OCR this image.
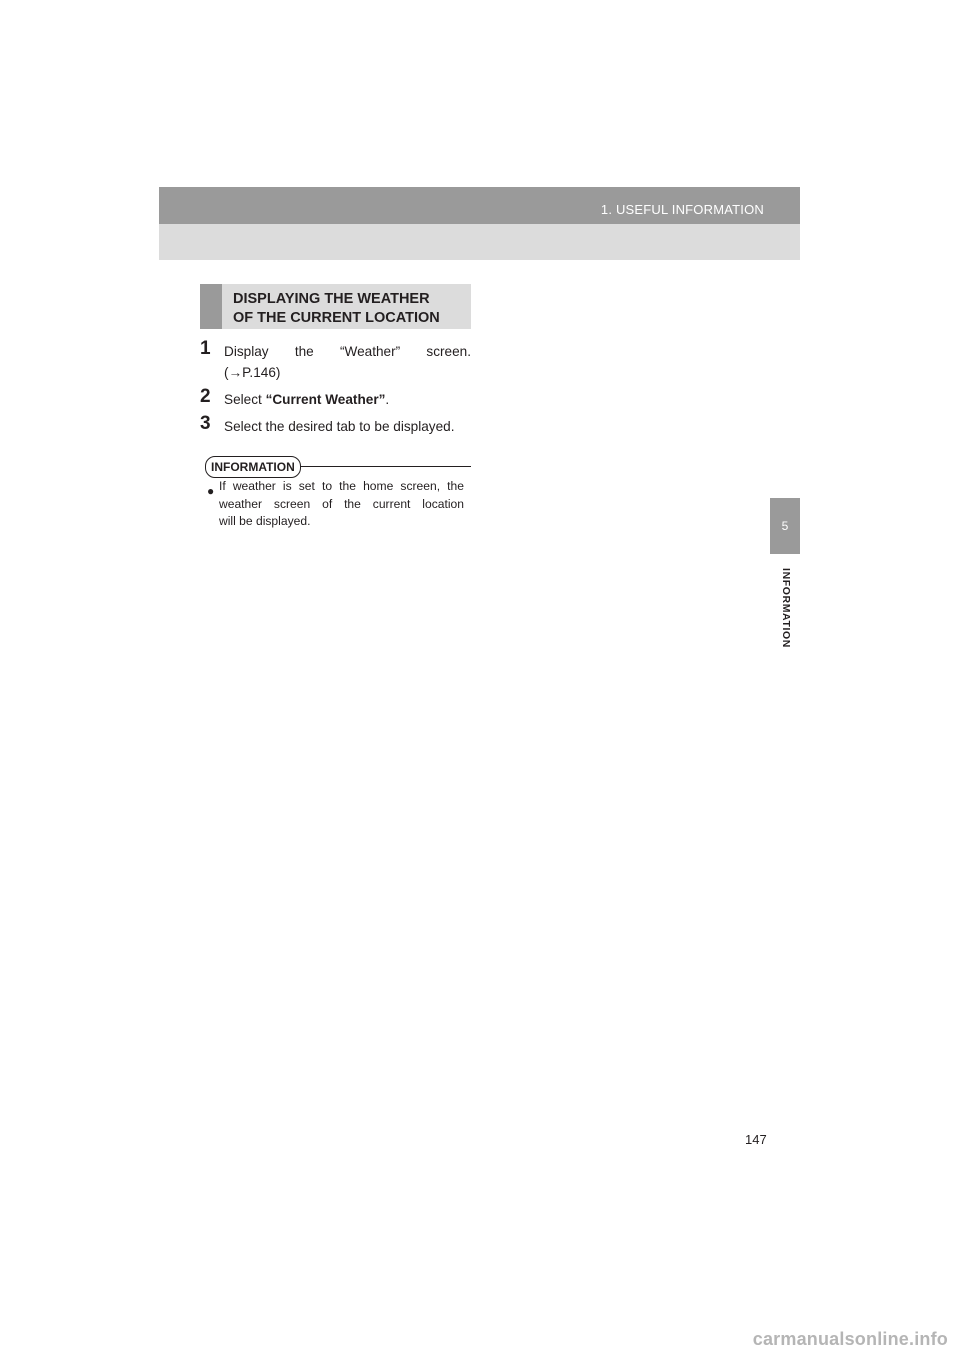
1. USEFUL INFORMATION
5
INFORMATION
DISPLAYING THE WEATHER
OF THE CURRENT LOCATION
1 Display the “Weather” screen.
(→P.146)
2 Select “Current Weather”.
3 Select the desired tab to be displayed.
INFORMATION
● If weather is set to the home screen, the
weather screen of the current location
will be displayed.
147
carmanualsonline.info
